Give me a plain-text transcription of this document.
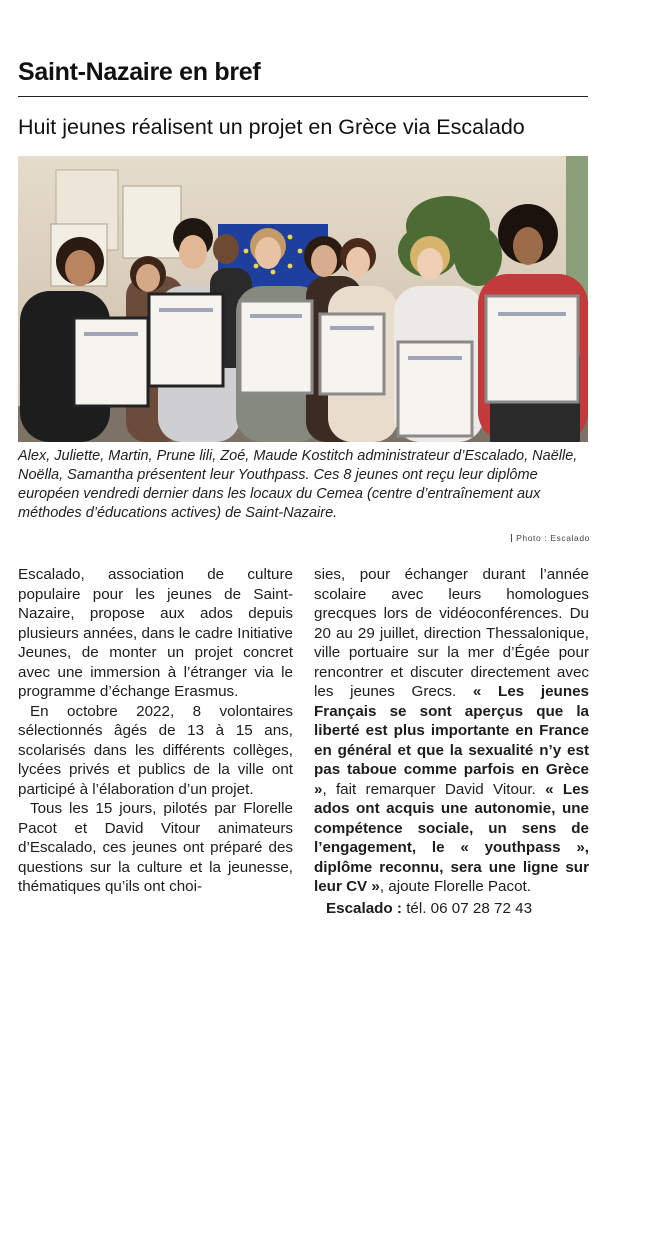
Saint-Nazaire en bref
Huit jeunes réalisent un projet en Grèce via Escalado
Alex, Juliette, Martin, Prune lili, Zoé, Maude Kostitch administrateur d’Escalado, Naëlle, Noëlla, Samantha présentent leur Youthpass. Ces 8 jeunes ont reçu leur diplôme européen vendredi dernier dans les locaux du Cemea (centre d’entraînement aux méthodes d’éducations actives) de Saint-Nazaire.
Photo : Escalado

Escalado, association de culture populaire pour les jeunes de Saint-Nazaire, propose aux ados depuis plusieurs années, dans le cadre Initiative Jeunes, de monter un projet concret avec une immersion à l’étranger via le programme d’échange Erasmus.

En octobre 2022, 8 volontaires sélectionnés âgés de 13 à 15 ans, scolarisés dans les différents collèges, lycées privés et publics de la ville ont participé à l’élaboration d’un projet.

Tous les 15 jours, pilotés par Florelle Pacot et David Vitour animateurs d’Escalado, ces jeunes ont préparé des questions sur la culture et la jeunesse, thématiques qu’ils ont choi-

sies, pour échanger durant l’année scolaire avec leurs homologues grecques lors de vidéoconférences. Du 20 au 29 juillet, direction Thessalonique, ville portuaire sur la mer d’Égée pour rencontrer et discuter directement avec les jeunes Grecs. « Les jeunes Français se sont aperçus que la liberté est plus importante en France en général et que la sexualité n’y est pas taboue comme parfois en Grèce », fait remarquer David Vitour. « Les ados ont acquis une autonomie, une compétence sociale, un sens de l’engagement, le « youthpass », diplôme reconnu, sera une ligne sur leur CV », ajoute Florelle Pacot.

Escalado : tél. 06 07 28 72 43
